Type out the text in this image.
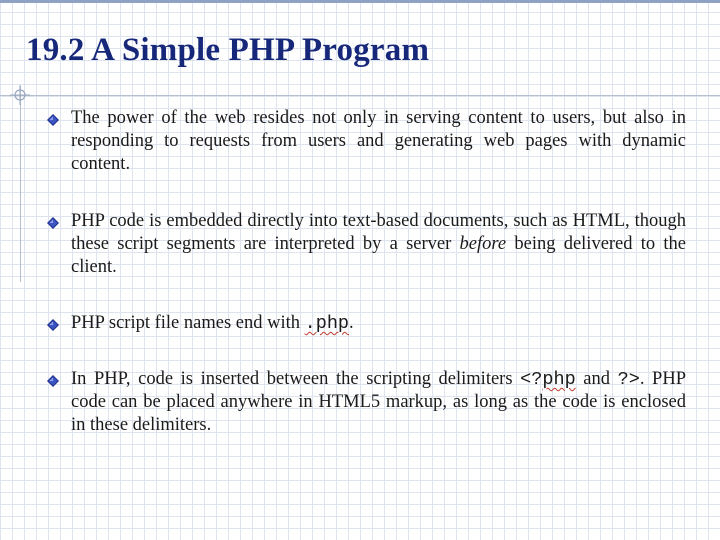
19.2 A Simple PHP Program
The power of the web resides not only in serving content to users, but also in responding to requests from users and generating web pages with dynamic content.
PHP code is embedded directly into text-based documents, such as HTML, though these script segments are interpreted by a server before being delivered to the client.
PHP script file names end with .php.
In PHP, code is inserted between the scripting delimiters <?php and ?>. PHP code can be placed anywhere in HTML5 markup, as long as the code is enclosed in these delimiters.
